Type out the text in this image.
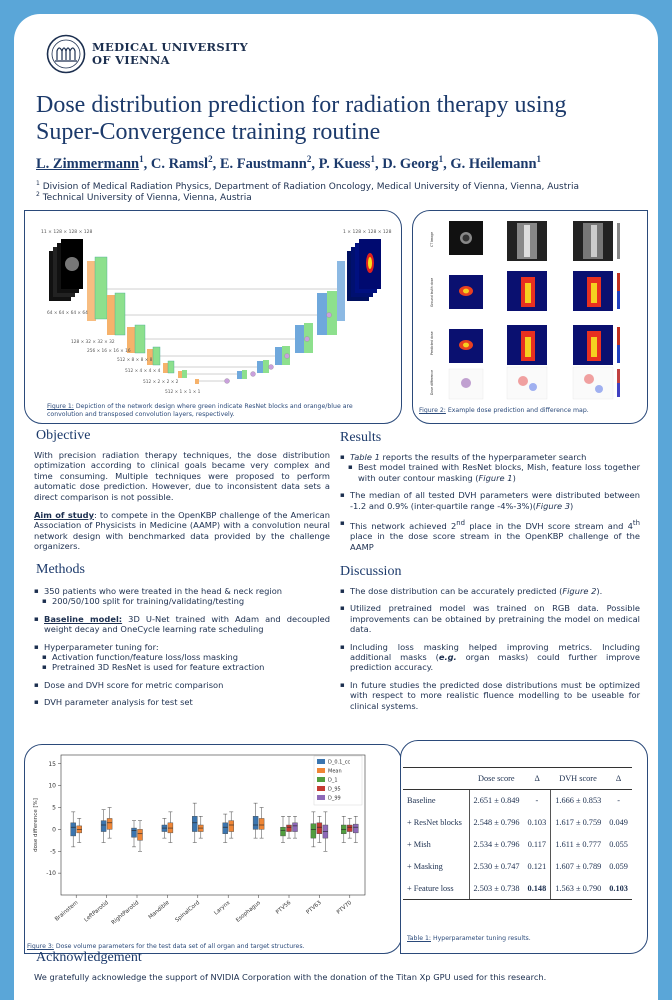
MEDICAL UNIVERSITY
OF VIENNA
Dose distribution prediction for radiation therapy using
Super-Convergence training routine
L. Zimmermann$^1$, C. Ramsl$^2$, E. Faustmann$^2$, P. Kuess$^1$, D. Georg$^1$, G. Heilemann$^1$
$^1$ Division of Medical Radiation Physics, Department of Radiation Oncology, Medical University of Vienna, Vienna, Austria
$^2$ Technical University of Vienna, Vienna, Austria
11 × 128 × 128 × 128	1 × 128 × 128 × 128
64 × 64 × 64 × 64
128 × 32 × 32 × 32
256 × 16 × 16 × 16
512 × 8 × 8 × 8
512 × 4 × 4 × 4
512 × 2 × 2 × 2
512 × 1 × 1 × 1
Figure 1: Depiction of the network design where green indicate ResNet blocks and orange/blue are convolution and transposed convolution layers, respectively.
CT image
Ground truth dose
Predicted dose
Dose difference
Figure 2: Example dose prediction and difference map.
Objective
With precision radiation therapy techniques, the dose distribution optimization according to clinical goals became very complex and time consuming. Multiple techniques were proposed to perform automatic dose prediction. However, due to inconsistent data sets a direct comparison is not possible.
Aim of study: to compete in the OpenKBP challenge of the American Association of Physicists in Medicine (AAMP) with a convolution neural network design with benchmarked data provided by the challenge organizers.
Methods
▪ 350 patients who were treated in the head & neck region
▪ 200/50/100 split for training/validating/testing
▪ Baseline model: 3D U-Net trained with Adam and decoupled weight decay and OneCycle learning rate scheduling
▪ Hyperparameter tuning for:
▪ Activation function/feature loss/loss masking
▪ Pretrained 3D ResNet is used for feature extraction
▪ Dose and DVH score for metric comparison
▪ DVH parameter analysis for test set
Results
▪ Table 1 reports the results of the hyperparameter search
▪ Best model trained with ResNet blocks, Mish, feature loss together with outer contour masking (Figure 1)
▪ The median of all tested DVH parameters were distributed between -1.2 and 0.9% (inter-quartile range -4%-3%)(Figure 3)
▪ This network achieved 2nd place in the DVH score stream and 4th place in the dose score stream in the OpenKBP challenge of the AAMP
Discussion
▪ The dose distribution can be accurately predicted (Figure 2).
▪ Utilized pretrained model was trained on RGB data. Possible improvements can be obtained by pretraining the model on medical data.
▪ Including loss masking helped improving metrics. Including additional masks (e.g. organ masks) could further improve prediction accuracy.
▪ In future studies the predicted dose distributions must be optimized with respect to more realistic fluence modelling to be useable for clinical systems.
-10
-5
0
5
10
15
dose difference [%]
Brainstem LeftParotid RightParotid Mandible SpinalCord Larynx Esophagus PTV56 PTV63 PTV70
D_0.1_cc
Mean
D_1
D_95
D_99
Figure 3: Dose volume parameters for the test data set of all organ and target structures.
	Dose score	Δ	DVH score	Δ
Baseline	2.651 ± 0.849	-	1.666 ± 0.853	-
+ ResNet blocks	2.548 ± 0.796	0.103	1.617 ± 0.759	0.049
+ Mish	2.534 ± 0.796	0.117	1.611 ± 0.777	0.055
+ Masking	2.530 ± 0.747	0.121	1.607 ± 0.789	0.059
+ Feature loss	2.503 ± 0.738	0.148	1.563 ± 0.790	0.103
Table 1: Hyperparameter tuning results.
Acknowledgement
We gratefully acknowledge the support of NVIDIA Corporation with the donation of the Titan Xp GPU used for this research.
